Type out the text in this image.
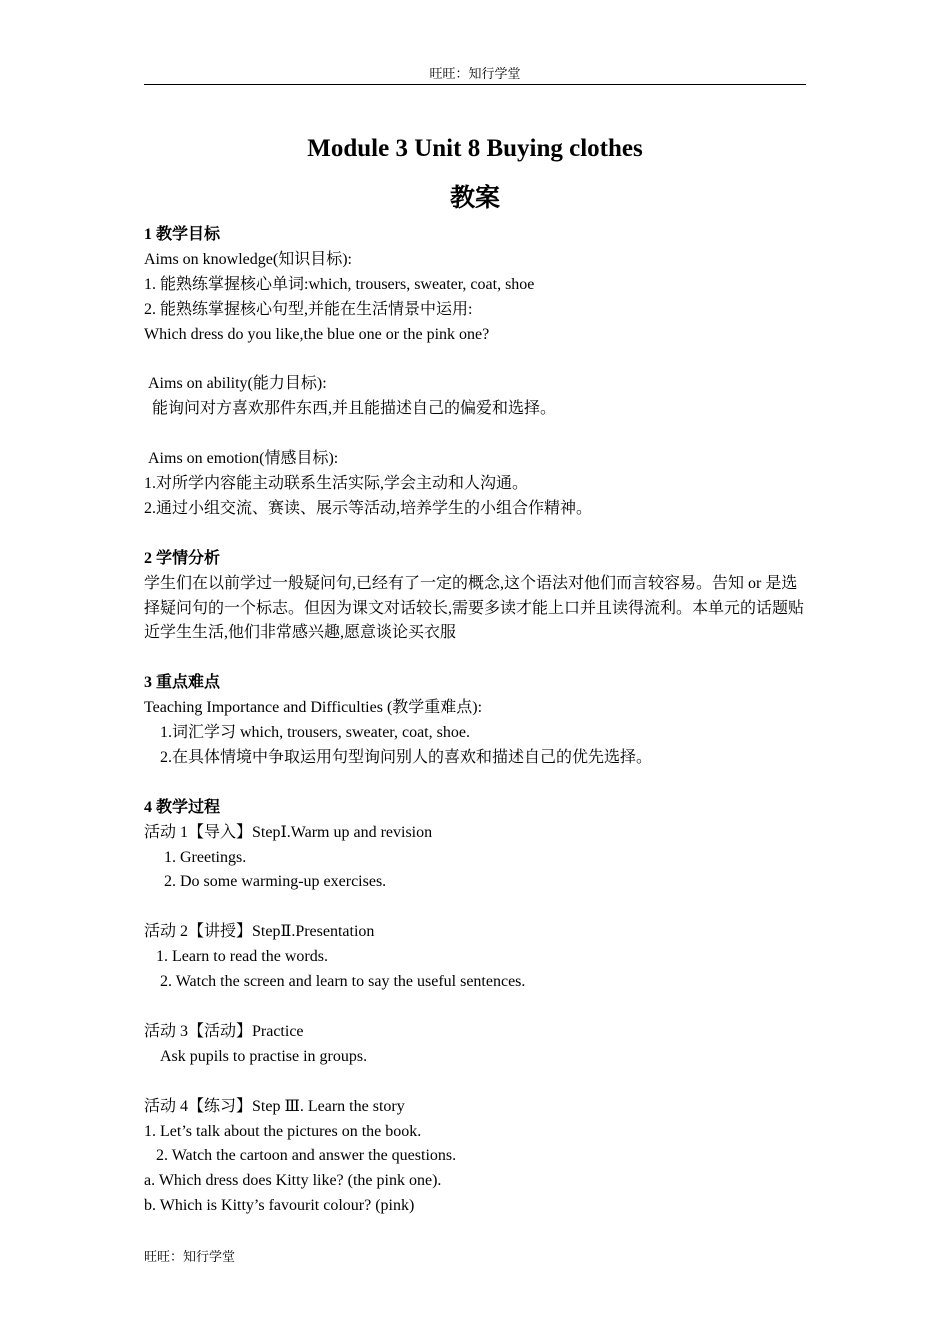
旺旺：知行学堂
Module 3 Unit 8 Buying clothes
教案

1 教学目标

Aims on knowledge(知识目标):

1. 能熟练掌握核心单词:which, trousers, sweater, coat, shoe

2. 能熟练掌握核心句型,并能在生活情景中运用:

Which dress do you like,the blue one or the pink one?

Aims on ability(能力目标):

能询问对方喜欢那件东西,并且能描述自己的偏爱和选择。

Aims on emotion(情感目标):

1.对所学内容能主动联系生活实际,学会主动和人沟通。

2.通过小组交流、赛读、展示等活动,培养学生的小组合作精神。

2 学情分析

学生们在以前学过一般疑问句,已经有了一定的概念,这个语法对他们而言较容易。告知 or 是选择疑问句的一个标志。但因为课文对话较长,需要多读才能上口并且读得流利。本单元的话题贴近学生生活,他们非常感兴趣,愿意谈论买衣服

3 重点难点

Teaching Importance and Difficulties (教学重难点):

1.词汇学习 which, trousers, sweater, coat, shoe.

2.在具体情境中争取运用句型询问别人的喜欢和描述自己的优先选择。

4 教学过程

活动 1【导入】StepⅠ.Warm up and revision

1. Greetings.

2. Do some warming-up exercises.

活动 2【讲授】StepⅡ.Presentation

1. Learn to read the words.

2. Watch the screen and learn to say the useful sentences.

活动 3【活动】Practice

Ask pupils to practise in groups.

活动 4【练习】Step Ⅲ. Learn the story

1. Let’s talk about the pictures on the book.

2. Watch the cartoon and answer the questions.

a. Which dress does Kitty like? (the pink one).

b. Which is Kitty’s favourit colour? (pink)

旺旺：知行学堂
